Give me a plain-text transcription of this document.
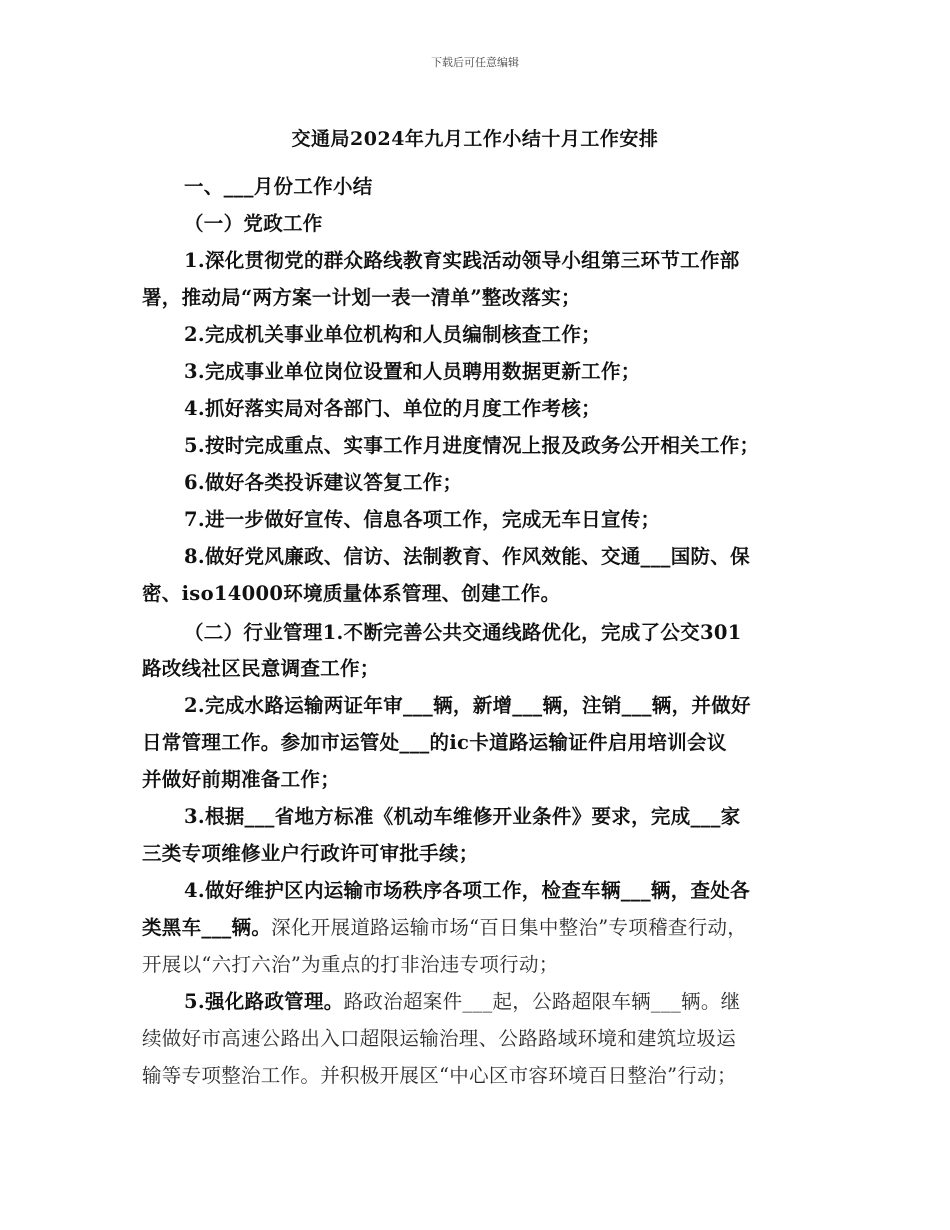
下载后可任意编辑
交通局2024年九月工作小结十月工作安排
一、___月份工作小结
（一）党政工作
1.深化贯彻党的群众路线教育实践活动领导小组第三环节工作部
署，推动局“两方案一计划一表一清单”整改落实；
2.完成机关事业单位机构和人员编制核查工作；
3.完成事业单位岗位设置和人员聘用数据更新工作；
4.抓好落实局对各部门、单位的月度工作考核；
5.按时完成重点、实事工作月进度情况上报及政务公开相关工作；
6.做好各类投诉建议答复工作；
7.进一步做好宣传、信息各项工作，完成无车日宣传；
8.做好党风廉政、信访、法制教育、作风效能、交通___国防、保
密、iso14000环境质量体系管理、创建工作。
（二）行业管理1.不断完善公共交通线路优化，完成了公交301
路改线社区民意调查工作；
2.完成水路运输两证年审___辆，新增___辆，注销___辆，并做好
日常管理工作。参加市运管处___的ic卡道路运输证件启用培训会议
并做好前期准备工作；
3.根据___省地方标准《机动车维修开业条件》要求，完成___家
三类专项维修业户行政许可审批手续；
4.做好维护区内运输市场秩序各项工作，检查车辆___辆，查处各
类黑车___辆。深化开展道路运输市场“百日集中整治”专项稽查行动，
开展以“六打六治”为重点的打非治违专项行动；
5.强化路政管理。路政治超案件___起，公路超限车辆___辆。继
续做好市高速公路出入口超限运输治理、公路路域环境和建筑垃圾运
输等专项整治工作。并积极开展区“中心区市容环境百日整治”行动；
